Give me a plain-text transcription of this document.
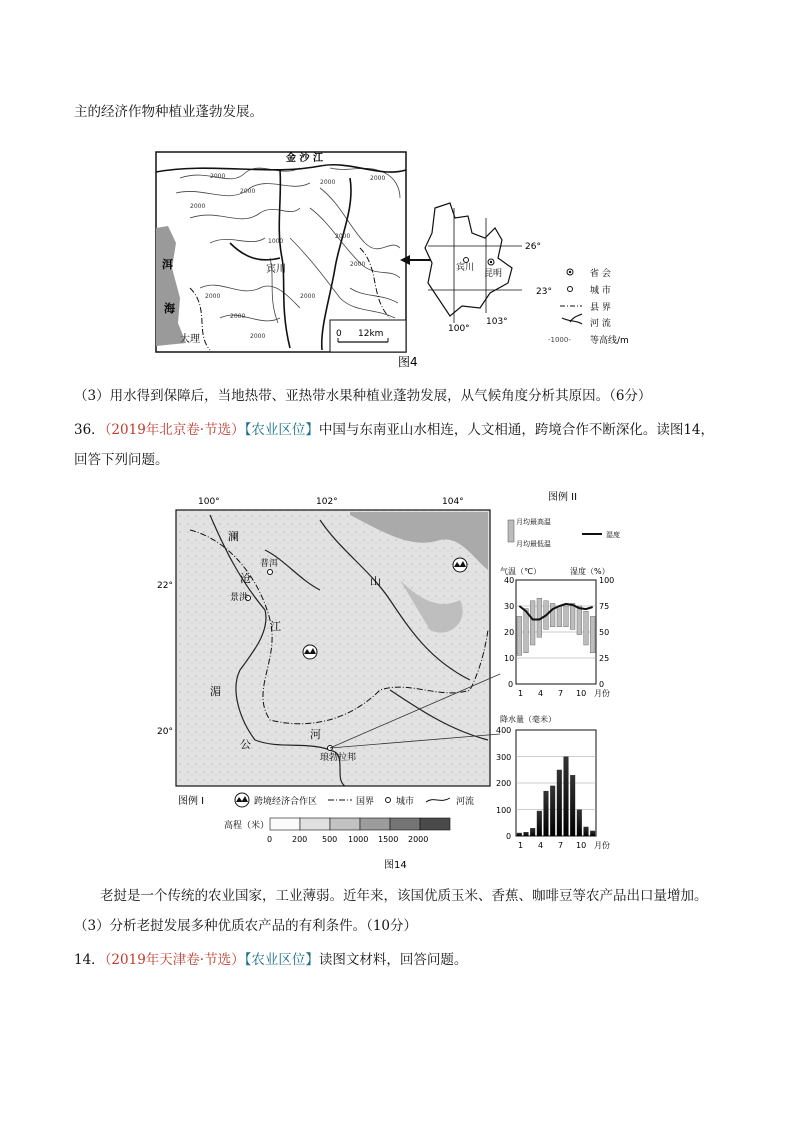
主的经济作物种植业蓬勃发展。
0 12km
金 沙 江
洱
海
大理
宾川
2000
2000
2000
2000
2000
2000
2000
2000
1000
2000
2000
2000
宾川
昆明
26°
23°
100°
103°
省 会
城 市
县 界
河 流
-1000- 等高线/m
图4
（3）用水得到保障后，当地热带、亚热带水果种植业蓬勃发展，从气候角度分析其原因。（6分）
36．（2019年北京卷·节选）【农业区位】中国与东南亚山水相连，人文相通，跨境合作不断深化。读图14，
回答下列问题。
100°	102°	104°
22°
20°
澜
普洱
沧
景洪
江
湄
公
河
琅勃拉邦
山
图例 I	跨境经济合作区	国界 城市	河流
高程（米）
0 200 500 1000 1500 2000
图14
图例 II
月均最高温
月均最低温
湿度
气温（℃）	湿度（%）
40
30
20
10
0
100
75
50
25
0
1 4 7 10 月份
降水量（毫米）
400
300
200
100
0
1 4 7 10 月份
老挝是一个传统的农业国家，工业薄弱。近年来，该国优质玉米、香蕉、咖啡豆等农产品出口量增加。
（3）分析老挝发展多种优质农产品的有利条件。（10分）
14．（2019年天津卷·节选）【农业区位】读图文材料，回答问题。
